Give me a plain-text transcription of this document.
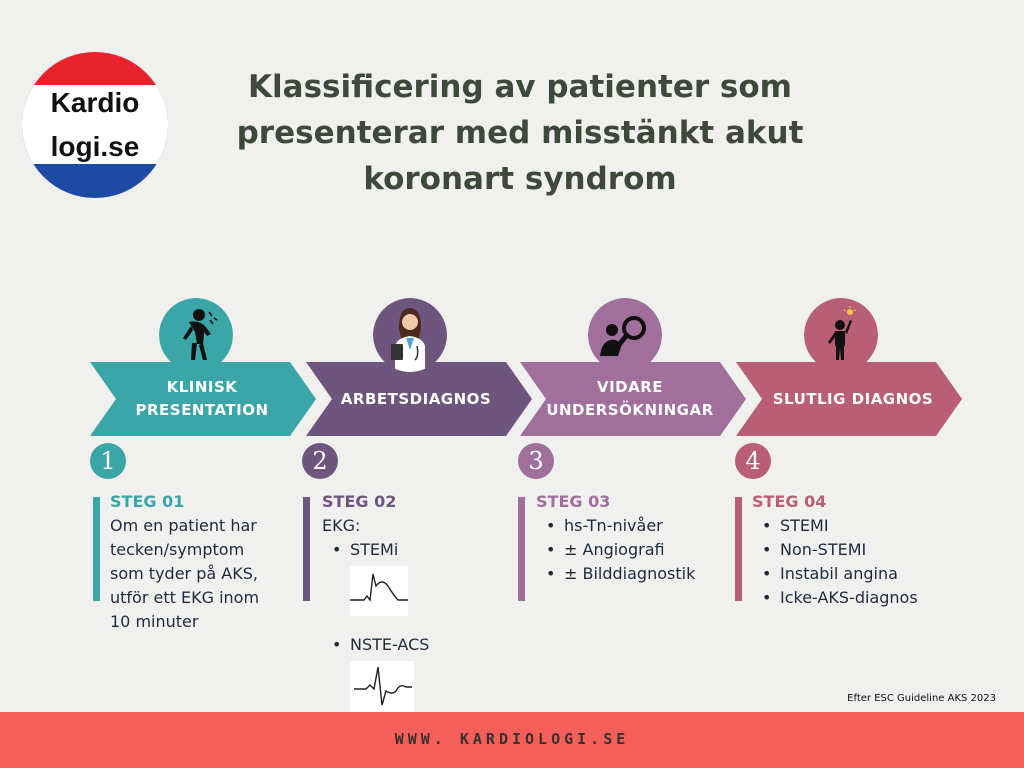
Kardio
logi.se
Klassificering av patienter som
presenterar med misstänkt akut
koronart syndrom
KLINISK
PRESENTATION
ARBETSDIAGNOS
VIDARE
UNDERSÖKNINGAR
SLUTLIG DIAGNOS
1	2	3	4
STEG 01

Om en patient har

tecken/symptom

som tyder på AKS,

utför ett EKG inom

10 minuter

STEG 02

EKG:

• STEMi
• NSTE-ACS
STEG 03
• hs-Tn-nivåer
• ± Angiografi
• ± Bilddiagnostik
STEG 04
• STEMI
• Non-STEMI
• Instabil angina
• Icke-AKS-diagnos
Efter ESC Guideline AKS 2023
WWW. KARDIOLOGI.SE
